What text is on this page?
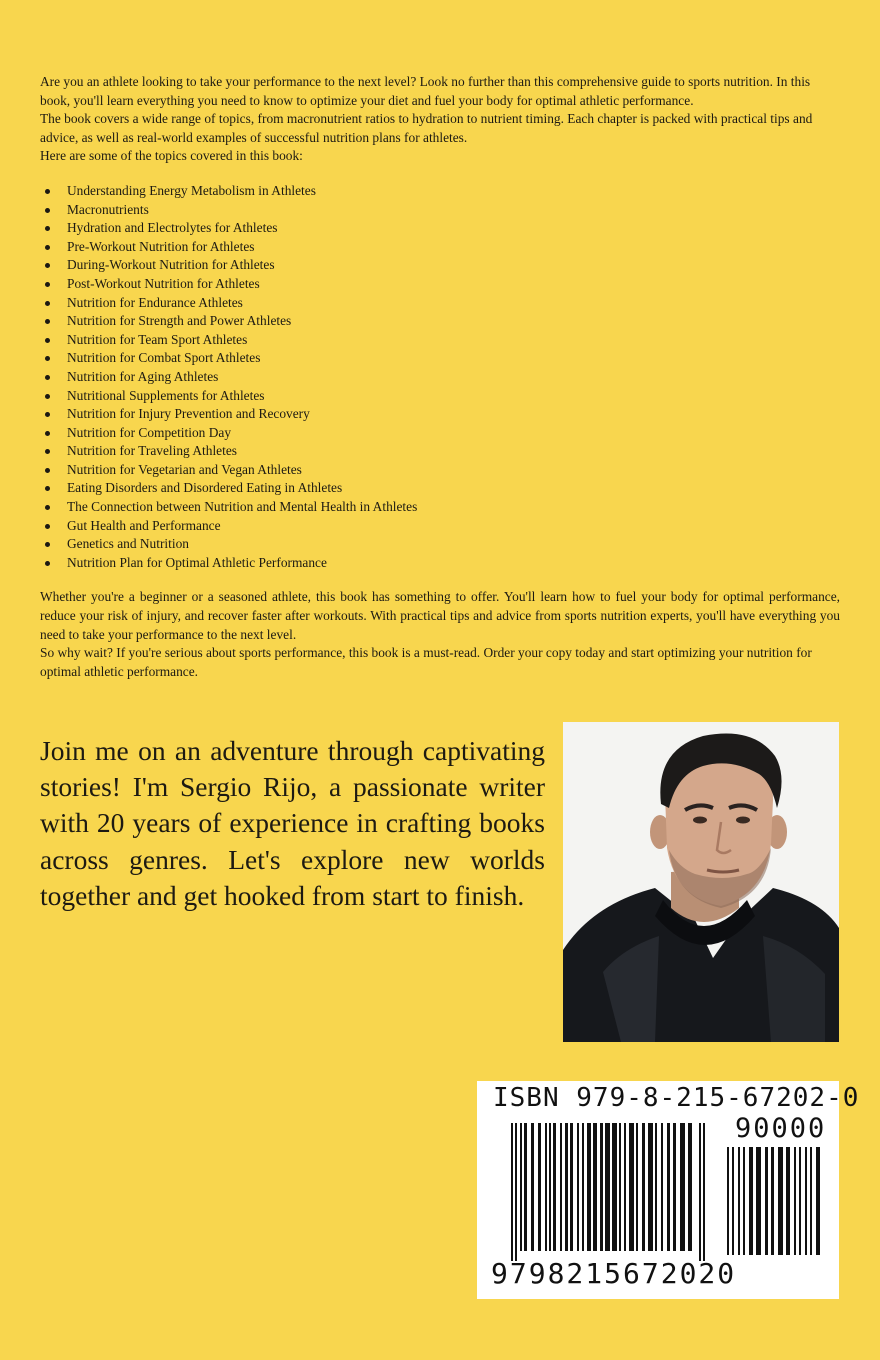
Are you an athlete looking to take your performance to the next level? Look no further than this comprehensive guide to sports nutrition. In this book, you'll learn everything you need to know to optimize your diet and fuel your body for optimal athletic performance.

The book covers a wide range of topics, from macronutrient ratios to hydration to nutrient timing. Each chapter is packed with practical tips and advice, as well as real-world examples of successful nutrition plans for athletes.

Here are some of the topics covered in this book:

Understanding Energy Metabolism in Athletes
Macronutrients
Hydration and Electrolytes for Athletes
Pre-Workout Nutrition for Athletes
During-Workout Nutrition for Athletes
Post-Workout Nutrition for Athletes
Nutrition for Endurance Athletes
Nutrition for Strength and Power Athletes
Nutrition for Team Sport Athletes
Nutrition for Combat Sport Athletes
Nutrition for Aging Athletes
Nutritional Supplements for Athletes
Nutrition for Injury Prevention and Recovery
Nutrition for Competition Day
Nutrition for Traveling Athletes
Nutrition for Vegetarian and Vegan Athletes
Eating Disorders and Disordered Eating in Athletes
The Connection between Nutrition and Mental Health in Athletes
Gut Health and Performance
Genetics and Nutrition
Nutrition Plan for Optimal Athletic Performance

Whether you're a beginner or a seasoned athlete, this book has something to offer. You'll learn how to fuel your body for optimal performance, reduce your risk of injury, and recover faster after workouts. With practical tips and advice from sports nutrition experts, you'll have everything you need to take your performance to the next level.

So why wait? If you're serious about sports performance, this book is a must-read. Order your copy today and start optimizing your nutrition for optimal athletic performance.

Join me on an adventure through captivating stories! I'm Sergio Rijo, a passionate writer with 20 years of experience in crafting books across genres. Let's explore new worlds together and get hooked from start to finish.
ISBN 979-8-215-67202-0
90000
9798215672020
